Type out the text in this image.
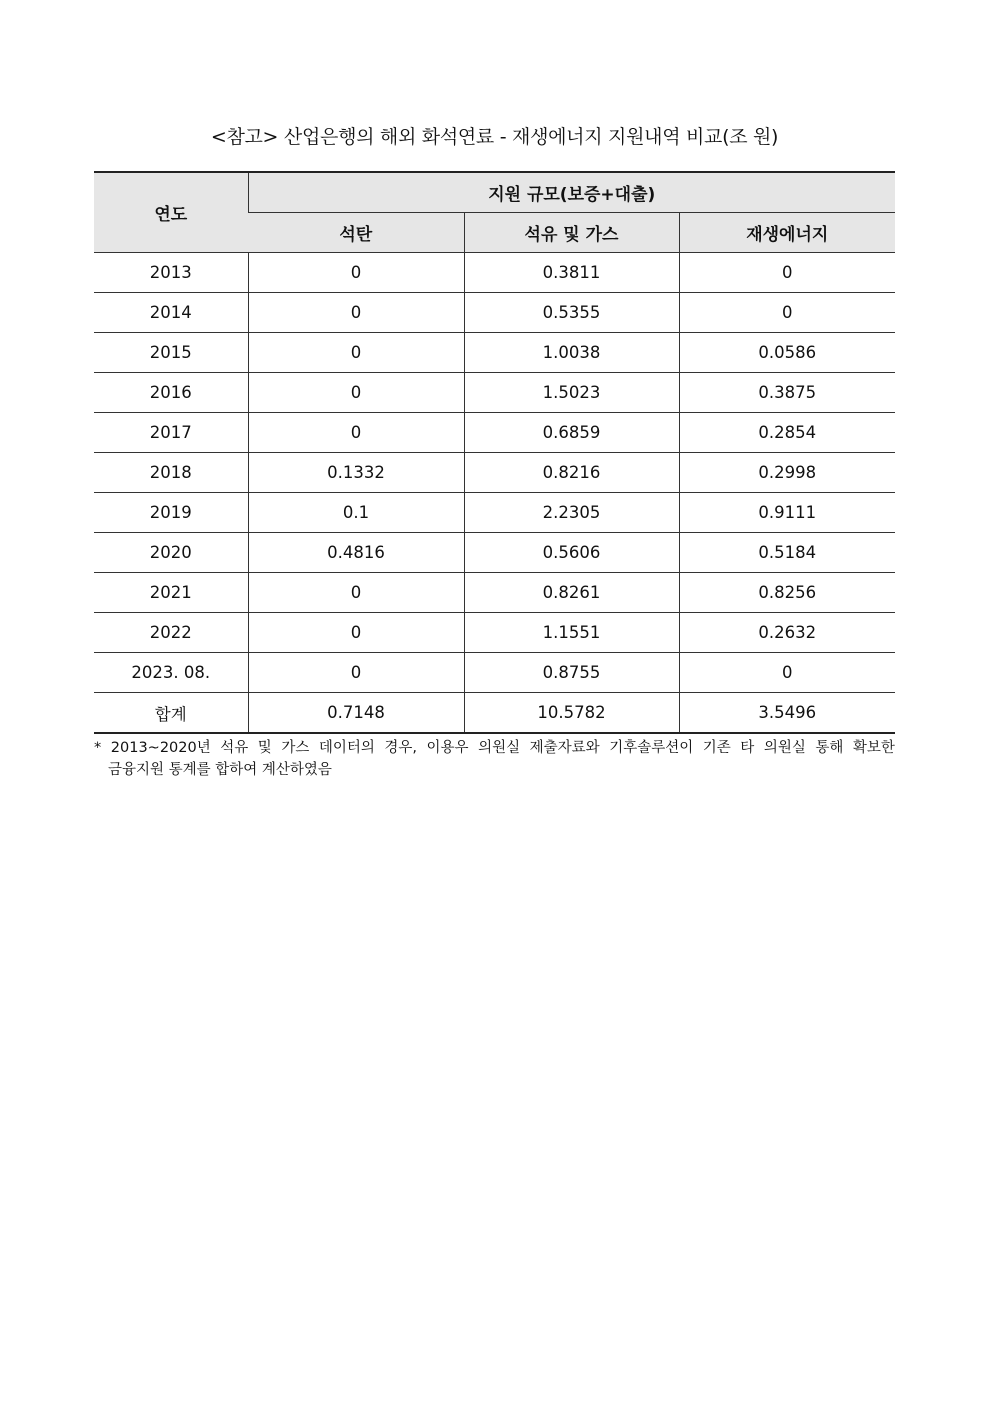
<참고> 산업은행의 해외 화석연료 - 재생에너지 지원내역 비교(조 원)
연도	지원 규모(보증+대출)		
	석탄	석유 및 가스	재생에너지
2013	0	0.3811	0
2014	0	0.5355	0
2015	0	1.0038	0.0586
2016	0	1.5023	0.3875
2017	0	0.6859	0.2854
2018	0.1332	0.8216	0.2998
2019	0.1	2.2305	0.9111
2020	0.4816	0.5606	0.5184
2021	0	0.8261	0.8256
2022	0	1.1551	0.2632
2023. 08.	0	0.8755	0
합계	0.7148	10.5782	3.5496
* 2013~2020년 석유 및 가스 데이터의 경우, 이용우 의원실 제출자료와 기후솔루션이 기존 타 의원실 통해 확보한
금융지원 통계를 합하여 계산하였음
